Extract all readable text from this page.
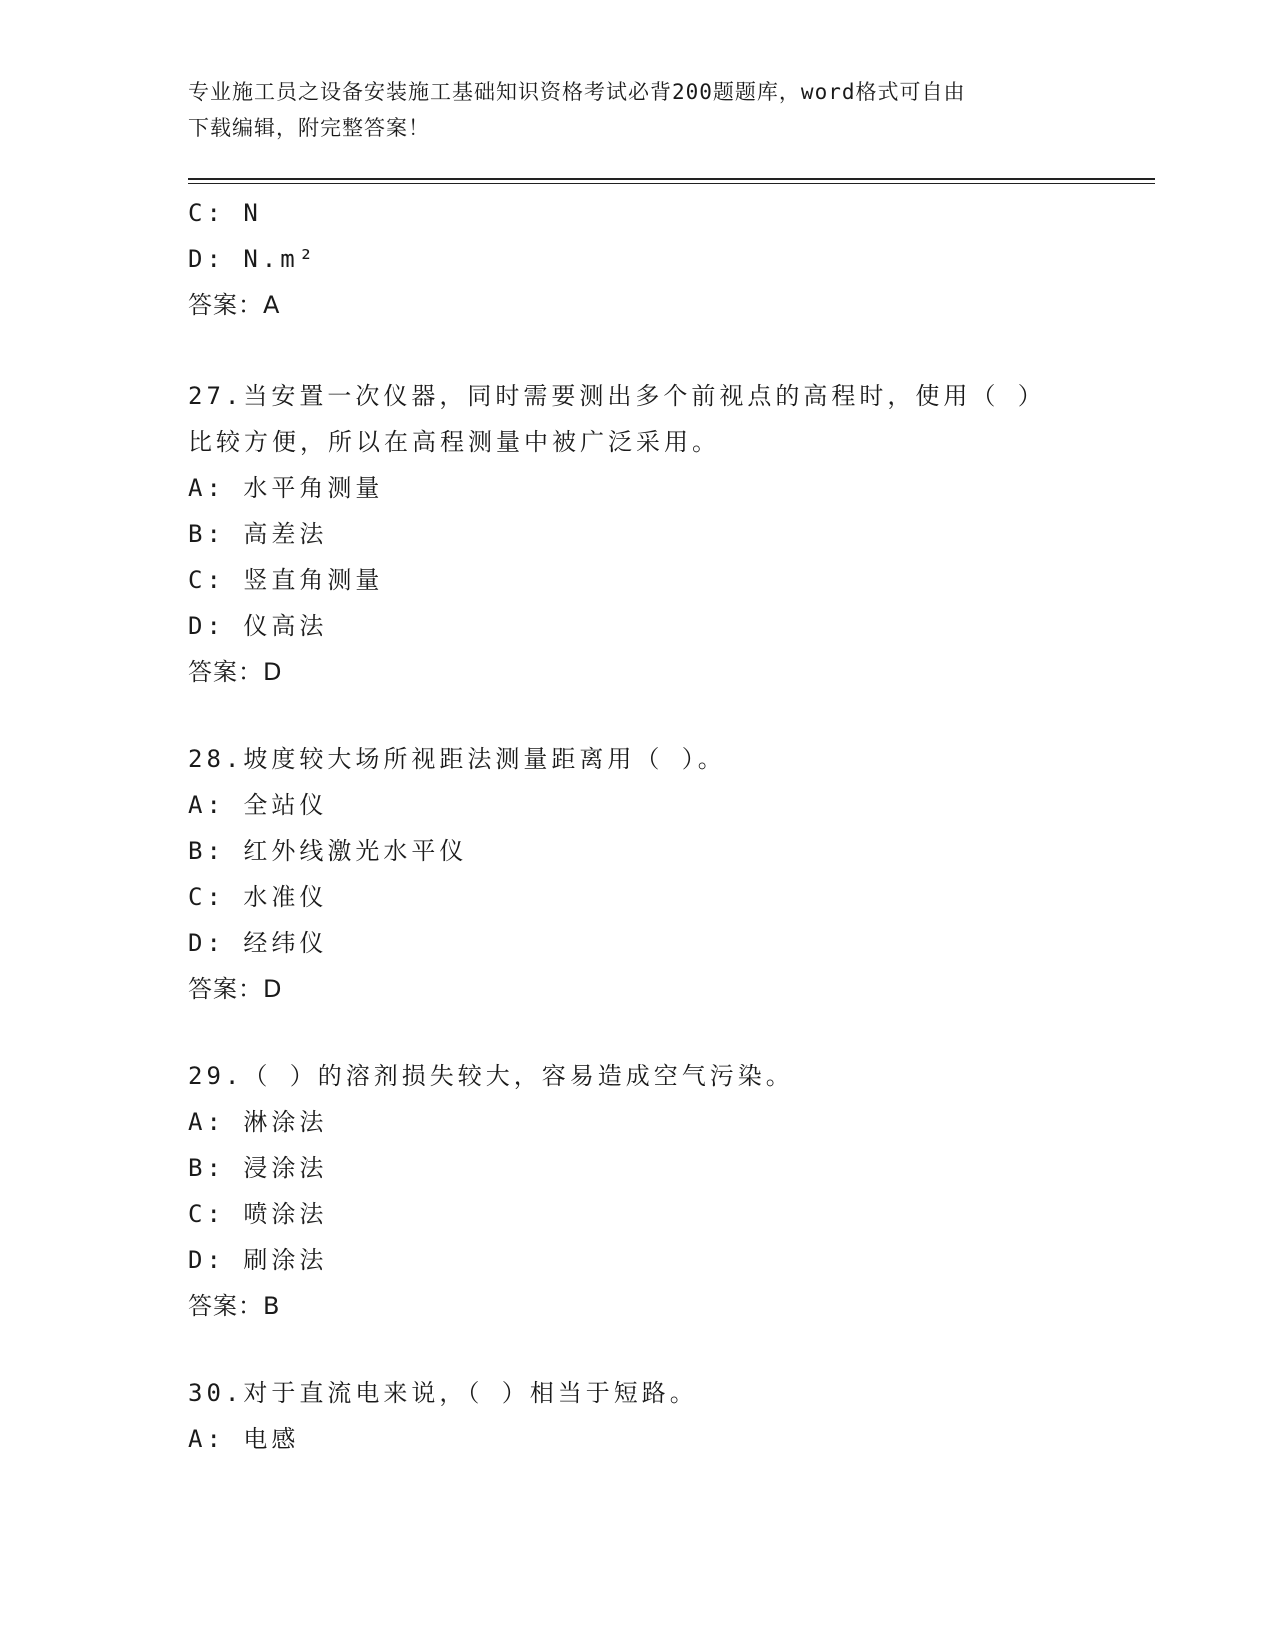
专业施工员之设备安装施工基础知识资格考试必背200题题库，word格式可自由
下载编辑，附完整答案！
C: N
D: N.m²
答案：A
27.当安置一次仪器，同时需要测出多个前视点的高程时，使用（ ）
比较方便，所以在高程测量中被广泛采用。
A: 水平角测量
B: 高差法
C: 竖直角测量
D: 仪高法
答案：D
28.坡度较大场所视距法测量距离用（ ）。
A: 全站仪
B: 红外线激光水平仪
C: 水准仪
D: 经纬仪
答案：D
29.（ ）的溶剂损失较大，容易造成空气污染。
A: 淋涂法
B: 浸涂法
C: 喷涂法
D: 刷涂法
答案：B
30.对于直流电来说，（ ）相当于短路。
A: 电感
